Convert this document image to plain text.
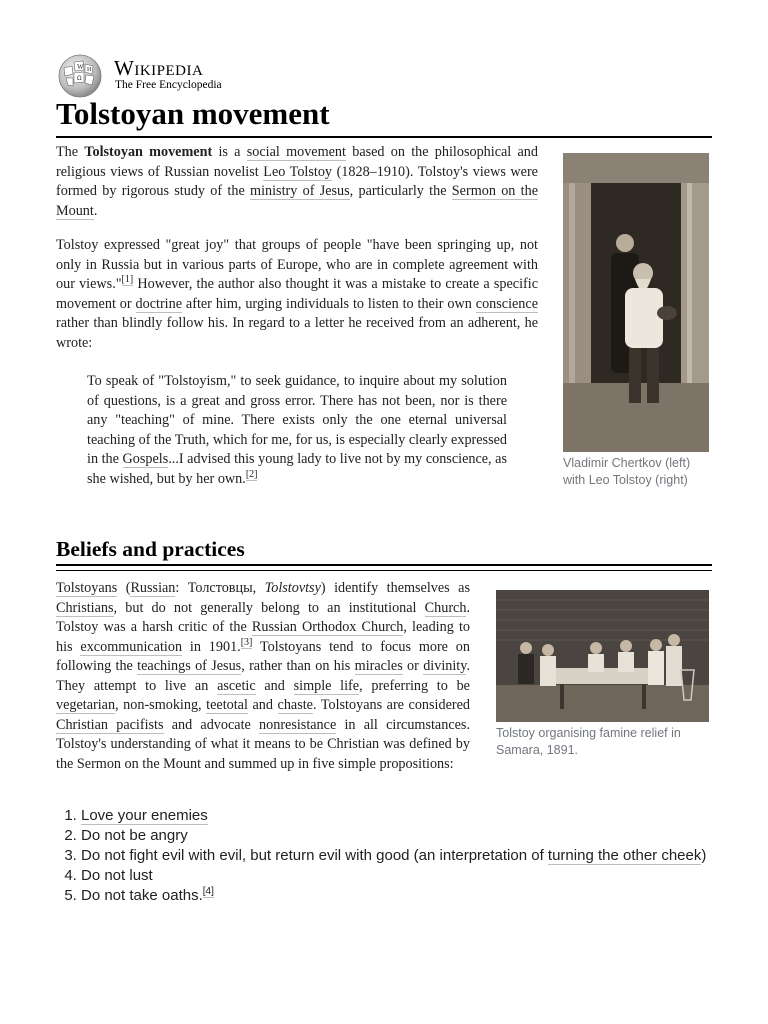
W
Ω
И Wikipedia
The Free Encyclopedia
Tolstoyan movement

The Tolstoyan movement is a social movement based on the philosophical and religious views of Russian novelist Leo Tolstoy (1828–1910). Tolstoy's views were formed by rigorous study of the ministry of Jesus, particularly the Sermon on the Mount.

Tolstoy expressed "great joy" that groups of people "have been springing up, not only in Russia but in various parts of Europe, who are in complete agreement with our views."[1] However, the author also thought it was a mistake to create a specific movement or doctrine after him, urging individuals to listen to their own conscience rather than blindly follow his. In regard to a letter he received from an adherent, he wrote:

To speak of "Tolstoyism," to seek guidance, to inquire about my solution of questions, is a great and gross error. There has not been, nor is there any "teaching" of mine. There exists only the one eternal universal teaching of the Truth, which for me, for us, is especially clearly expressed in the Gospels...I advised this young lady to live not by my conscience, as she wished, but by her own.[2]
Vladimir Chertkov (left) with Leo Tolstoy (right)
Beliefs and practices

Tolstoyans (Russian: Толстовцы, Tolstovtsy) identify themselves as Christians, but do not generally belong to an institutional Church. Tolstoy was a harsh critic of the Russian Orthodox Church, leading to his excommunication in 1901.[3] Tolstoyans tend to focus more on following the teachings of Jesus, rather than on his miracles or divinity. They attempt to live an ascetic and simple life, preferring to be vegetarian, non-smoking, teetotal and chaste. Tolstoyans are considered Christian pacifists and advocate nonresistance in all circumstances. Tolstoy's understanding of what it means to be Christian was defined by the Sermon on the Mount and summed up in five simple propositions:

Tolstoy organising famine relief in Samara, 1891.
1. Love your enemies
2. Do not be angry
3. Do not fight evil with evil, but return evil with good (an interpretation of turning the other cheek)
4. Do not lust
5. Do not take oaths.[4]
